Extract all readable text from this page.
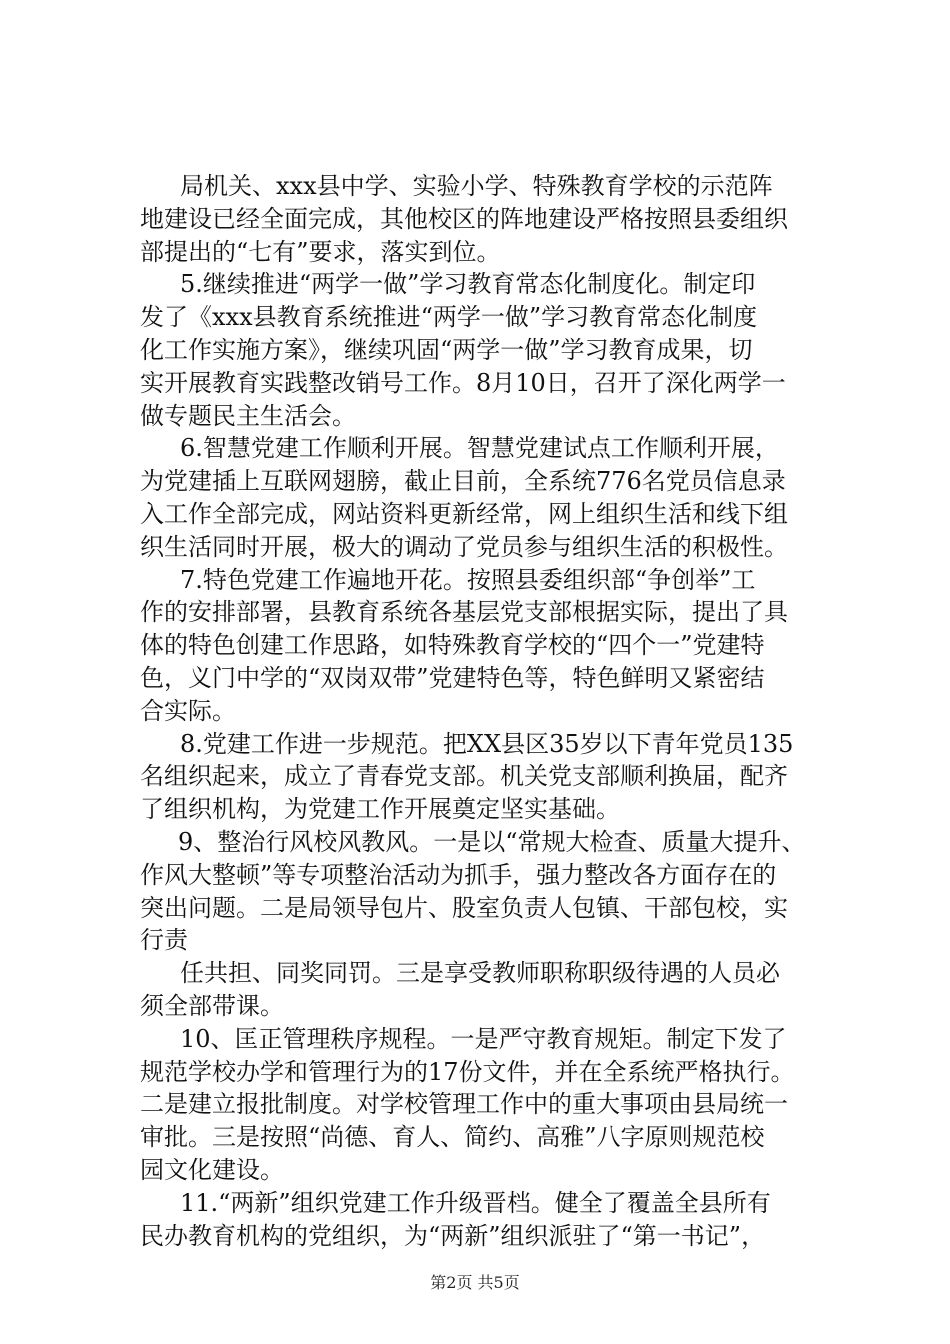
局机关、xxx县中学、实验小学、特殊教育学校的示范阵
地建设已经全面完成，其他校区的阵地建设严格按照县委组织
部提出的“七有”要求，落实到位。
5.继续推进“两学一做”学习教育常态化制度化。制定印
发了《xxx县教育系统推进“两学一做”学习教育常态化制度
化工作实施方案》，继续巩固“两学一做”学习教育成果，切
实开展教育实践整改销号工作。8月10日，召开了深化两学一
做专题民主生活会。
6.智慧党建工作顺利开展。智慧党建试点工作顺利开展，
为党建插上互联网翅膀，截止目前，全系统776名党员信息录
入工作全部完成，网站资料更新经常，网上组织生活和线下组
织生活同时开展，极大的调动了党员参与组织生活的积极性。
7.特色党建工作遍地开花。按照县委组织部“争创举”工
作的安排部署，县教育系统各基层党支部根据实际，提出了具
体的特色创建工作思路，如特殊教育学校的“四个一”党建特
色，义门中学的“双岗双带”党建特色等，特色鲜明又紧密结
合实际。
8.党建工作进一步规范。把XX县区35岁以下青年党员135
名组织起来，成立了青春党支部。机关党支部顺利换届，配齐
了组织机构，为党建工作开展奠定坚实基础。
9、整治行风校风教风。一是以“常规大检查、质量大提升、
作风大整顿”等专项整治活动为抓手，强力整改各方面存在的
突出问题。二是局领导包片、股室负责人包镇、干部包校，实
行责
任共担、同奖同罚。三是享受教师职称职级待遇的人员必
须全部带课。
10、匡正管理秩序规程。一是严守教育规矩。制定下发了
规范学校办学和管理行为的17份文件，并在全系统严格执行。
二是建立报批制度。对学校管理工作中的重大事项由县局统一
审批。三是按照“尚德、育人、简约、高雅”八字原则规范校
园文化建设。
11.“两新”组织党建工作升级晋档。健全了覆盖全县所有
民办教育机构的党组织，为“两新”组织派驻了“第一书记”，
第2页 共5页
